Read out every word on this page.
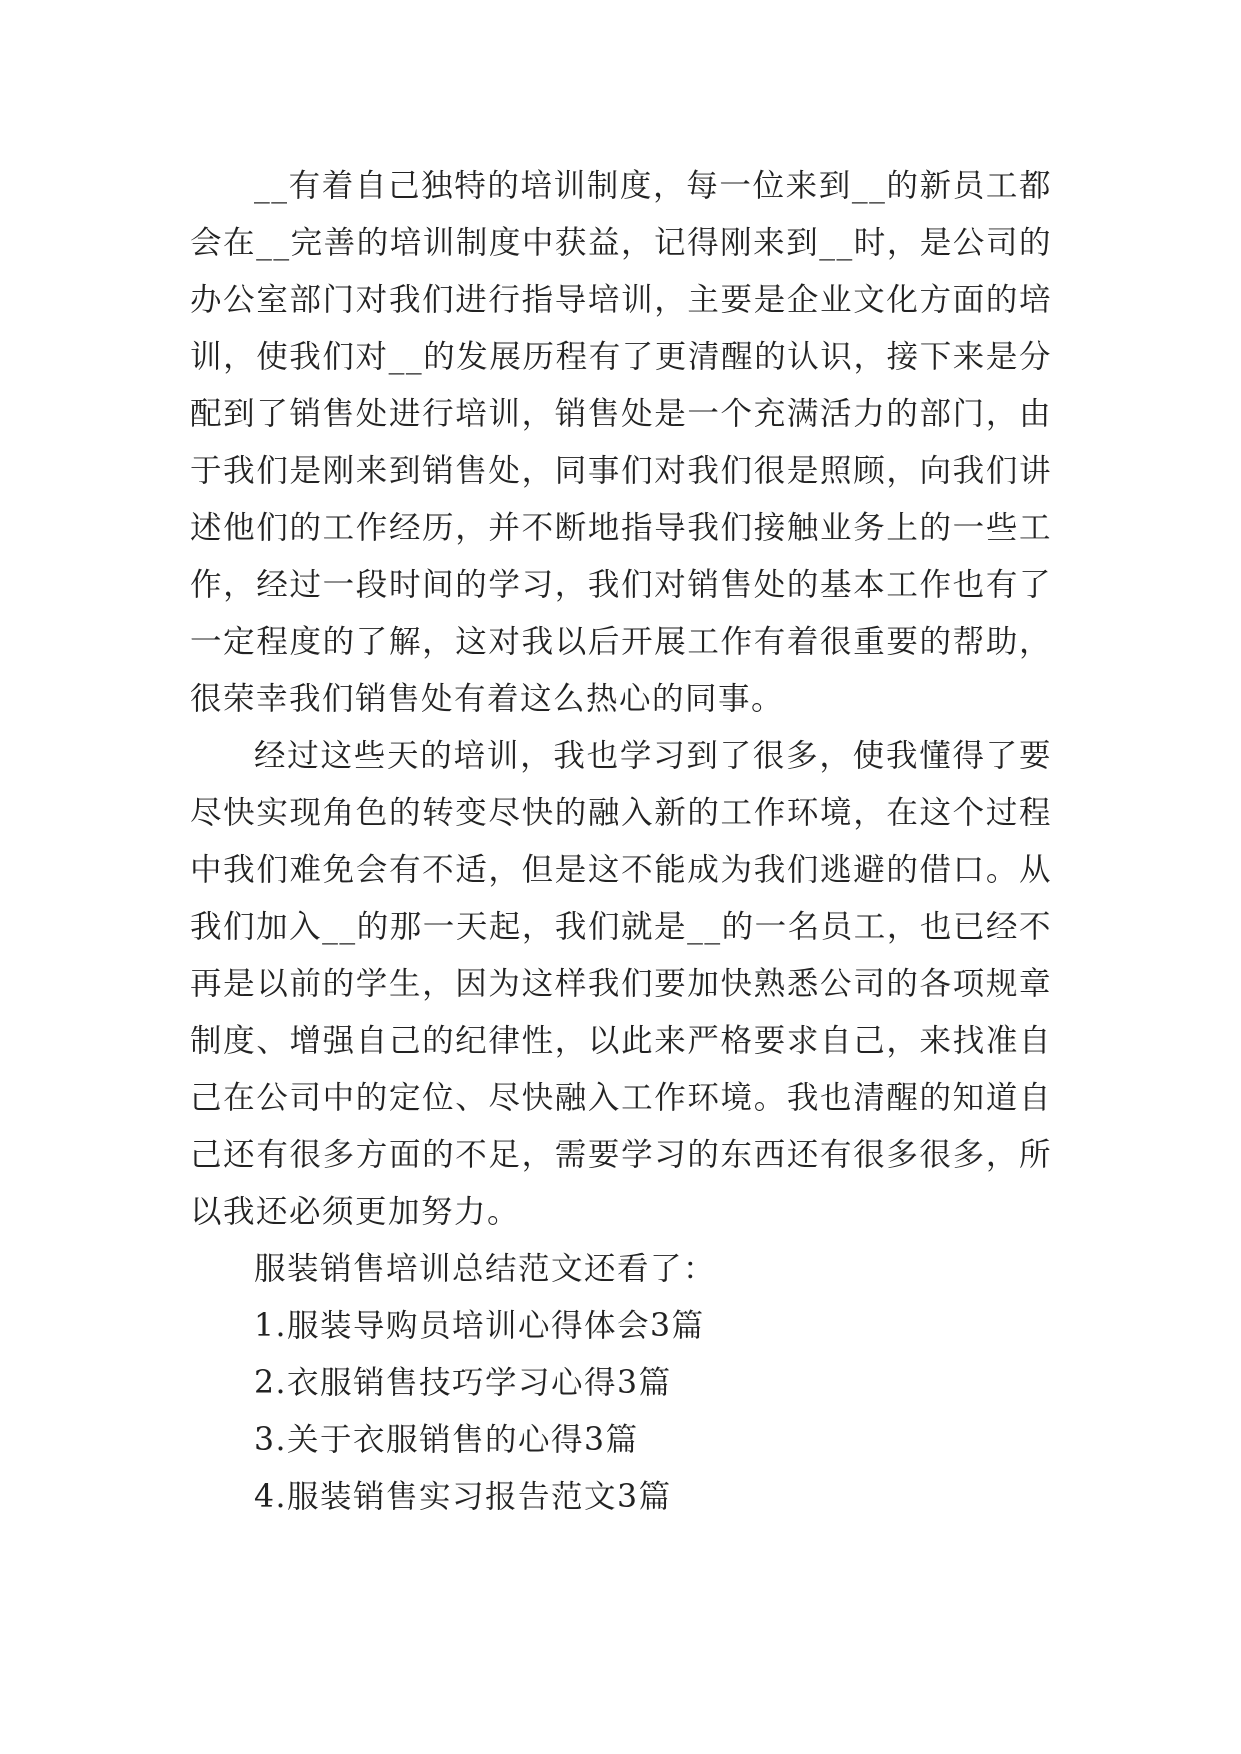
__有着自己独特的培训制度，每一位来到__的新员工都会在__完善的培训制度中获益，记得刚来到__时，是公司的办公室部门对我们进行指导培训，主要是企业文化方面的培训，使我们对__的发展历程有了更清醒的认识，接下来是分配到了销售处进行培训，销售处是一个充满活力的部门，由于我们是刚来到销售处，同事们对我们很是照顾，向我们讲述他们的工作经历，并不断地指导我们接触业务上的一些工作，经过一段时间的学习，我们对销售处的基本工作也有了一定程度的了解，这对我以后开展工作有着很重要的帮助，很荣幸我们销售处有着这么热心的同事。

经过这些天的培训，我也学习到了很多，使我懂得了要尽快实现角色的转变尽快的融入新的工作环境，在这个过程中我们难免会有不适，但是这不能成为我们逃避的借口。从我们加入__的那一天起，我们就是__的一名员工，也已经不再是以前的学生，因为这样我们要加快熟悉公司的各项规章制度、增强自己的纪律性，以此来严格要求自己，来找准自己在公司中的定位、尽快融入工作环境。我也清醒的知道自己还有很多方面的不足，需要学习的东西还有很多很多，所以我还必须更加努力。

服装销售培训总结范文还看了：

1.服装导购员培训心得体会3篇
2.衣服销售技巧学习心得3篇
3.关于衣服销售的心得3篇
4.服装销售实习报告范文3篇
